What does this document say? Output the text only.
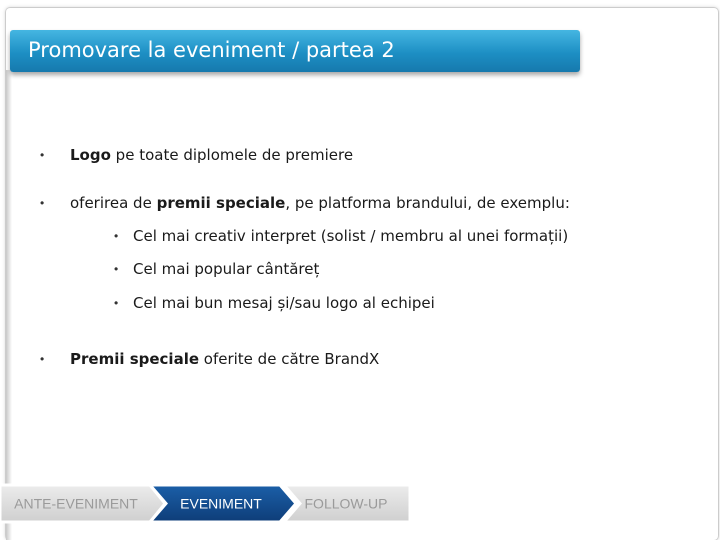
Promovare la eveniment / partea 2
• Logo pe toate diplomele de premiere
• oferirea de premii speciale, pe platforma brandului, de exemplu:
• Cel mai creativ interpret (solist / membru al unei formații)
• Cel mai popular cântăreț
• Cel mai bun mesaj și/sau logo al echipei
• Premii speciale oferite de către BrandX
ANTE-EVENIMENT	EVENIMENT	FOLLOW-UP
